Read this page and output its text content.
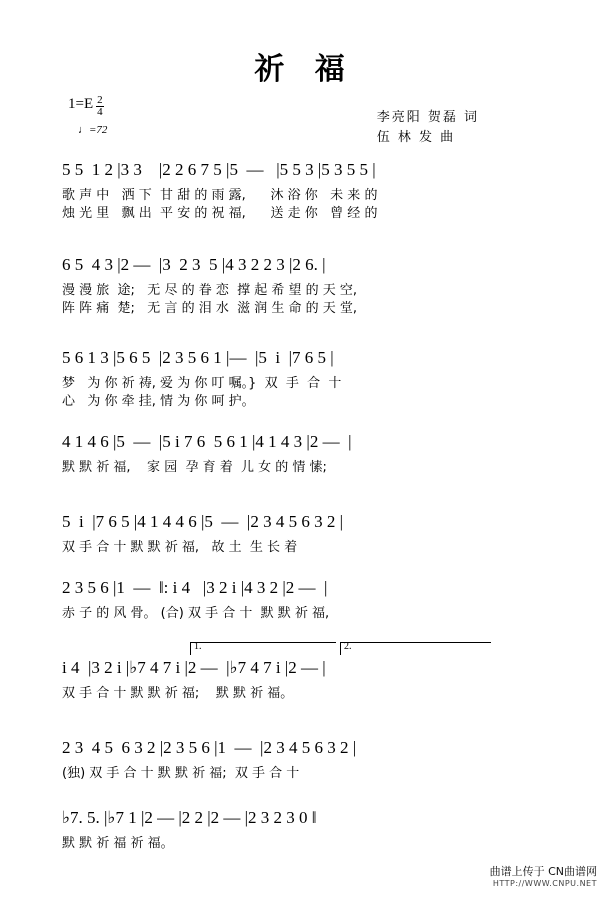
祈 福
1= E $\frac{2}{4}$
♩=72
李亮阳 贺磊 词
伍 林 发 曲
5 5  1 2 |3 3    |2 2 6 7 5 |5  —   |5 5 3 |5 3 5 5 |
歌 声 中   洒 下  甘 甜 的 雨 露,      沐 浴 你   未 来 的
烛 光 里   飘 出  平 安 的 祝 福,      送 走 你   曾 经 的
6 5  4 3 |2 —  |3  2 3  5 |4 3 2 2 3 |2 6. |
漫 漫 旅  途;   无 尽 的 眷 恋  撑 起 希 望 的 天 空,
阵 阵 痛  楚;   无 言 的 泪 水  滋 润 生 命 的 天 堂,
5 6 1 3 |5 6 5  |2 3 5 6 1 |—  |5  i  |7 6 5 |
梦   为 你 祈 祷, 爱 为 你 叮 嘱。}  双  手  合  十
心   为 你 牵 挂, 情 为 你 呵 护。
4 1 4 6 |5  —  |5 i 7 6  5 6 1 |4 1 4 3 |2 —  |
默 默 祈 福,    家 园  孕 育 着  儿 女 的 情 愫;
5  i  |7 6 5 |4 1 4 4 6 |5  —  |2 3 4 5 6 3 2 |
双 手 合 十 默 默 祈 福,   故 土  生 长 着
2 3 5 6 |1  —  ‖: i 4   |3 2 i |4 3 2 |2 —  |
赤 子 的 风 骨。 (合) 双 手 合 十  默 默 祈 福,
1.	2.
i 4  |3 2 i |♭7 4 7 i |2 —  |♭7 4 7 i |2 — |
双 手 合 十 默 默 祈 福;    默 默 祈 福。
2 3  4 5  6 3 2 |2 3 5 6 |1  —  |2 3 4 5 6 3 2 |
(独) 双 手 合 十 默 默 祈 福;  双 手 合 十
♭7. 5. |♭7 1 |2 — |2 2 |2 — |2 3 2 3 0 ‖
默 默 祈 福 祈 福。
曲谱上传于 CN曲谱网
HTTP://WWW.CNPU.NET
